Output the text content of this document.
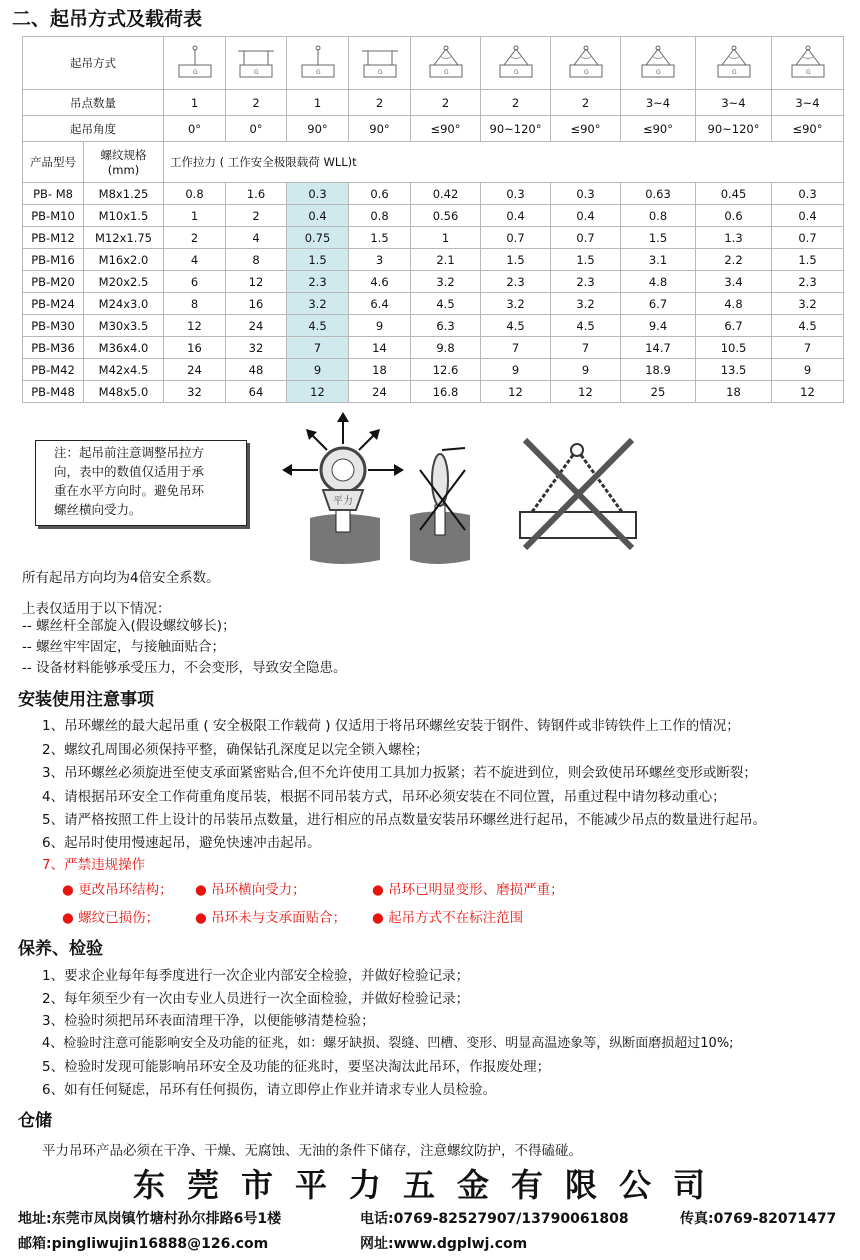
二、起吊方式及载荷表
起吊方式		G	G	G	G	G	G	G	G	G	G

吊点数量		1	2	1	2	2	2	2	3~4	3~4	3~4
起吊角度		0°	0°	90°	90°	≤90°	90~120°	≤90°	≤90°	90~120°	≤90°
产品型号	螺纹规格
(mm)	工作拉力 ( 工作安全极限载荷 WLL)t									
PB- M8	M8x1.25	0.8	1.6	0.3	0.6	0.42	0.3	0.3	0.63	0.45	0.3
PB-M10	M10x1.5	1	2	0.4	0.8	0.56	0.4	0.4	0.8	0.6	0.4
PB-M12	M12x1.75	2	4	0.75	1.5	1	0.7	0.7	1.5	1.3	0.7
PB-M16	M16x2.0	4	8	1.5	3	2.1	1.5	1.5	3.1	2.2	1.5
PB-M20	M20x2.5	6	12	2.3	4.6	3.2	2.3	2.3	4.8	3.4	2.3
PB-M24	M24x3.0	8	16	3.2	6.4	4.5	3.2	3.2	6.7	4.8	3.2
PB-M30	M30x3.5	12	24	4.5	9	6.3	4.5	4.5	9.4	6.7	4.5
PB-M36	M36x4.0	16	32	7	14	9.8	7	7	14.7	10.5	7
PB-M42	M42x4.5	24	48	9	18	12.6	9	9	18.9	13.5	9
PB-M48	M48x5.0	32	64	12	24	16.8	12	12	25	18	12
注：起吊前注意调整吊拉方
向，表中的数值仅适用于承
重在水平方向时。避免吊环
螺丝横向受力。
平力
所有起吊方向均为4倍安全系数。
上表仅适用于以下情况：
-- 螺丝杆全部旋入(假设螺纹够长)；
-- 螺丝牢牢固定，与接触面贴合；
-- 设备材料能够承受压力，不会变形，导致安全隐患。
安装使用注意事项
1、吊环螺丝的最大起吊重 ( 安全极限工作载荷 ) 仅适用于将吊环螺丝安装于钢件、铸钢件或非铸铁件上工作的情况；
2、螺纹孔周围必须保持平整，确保钻孔深度足以完全锁入螺栓；
3、吊环螺丝必须旋进至使支承面紧密贴合,但不允许使用工具加力扳紧；若不旋进到位，则会致使吊环螺丝变形或断裂；
4、请根据吊环安全工作荷重角度吊装，根据不同吊装方式，吊环必须安装在不同位置，吊重过程中请勿移动重心；
5、请严格按照工件上设计的吊装吊点数量，进行相应的吊点数量安装吊环螺丝进行起吊，不能减少吊点的数量进行起吊。
6、起吊时使用慢速起吊，避免快速冲击起吊。
7、严禁违规操作
● 更改吊环结构； ● 吊环横向受力；	● 吊环已明显变形、磨损严重；
● 螺纹已损伤；	● 吊环未与支承面贴合； ● 起吊方式不在标注范围
保养、检验
1、要求企业每年每季度进行一次企业内部安全检验，并做好检验记录；
2、每年须至少有一次由专业人员进行一次全面检验，并做好检验记录；
3、检验时须把吊环表面清理干净，以便能够清楚检验；
4、检验时注意可能影响安全及功能的征兆，如：螺牙缺损、裂缝、凹槽、变形、明显高温迹象等，纵断面磨损超过10%;
5、检验时发现可能影响吊环安全及功能的征兆时，要坚决淘汰此吊环，作报废处理；
6、如有任何疑虑，吊环有任何损伤，请立即停止作业并请求专业人员检验。
仓储
平力吊环产品必须在干净、干燥、无腐蚀、无油的条件下储存，注意螺纹防护，不得磕碰。
东莞市平力五金有限公司
地址:东莞市凤岗镇竹塘村孙尔排路6号1楼	电话:0769-82527907/13790061808	传真:0769-82071477
邮箱:pingliwujin16888@126.com	网址:www.dgplwj.com
